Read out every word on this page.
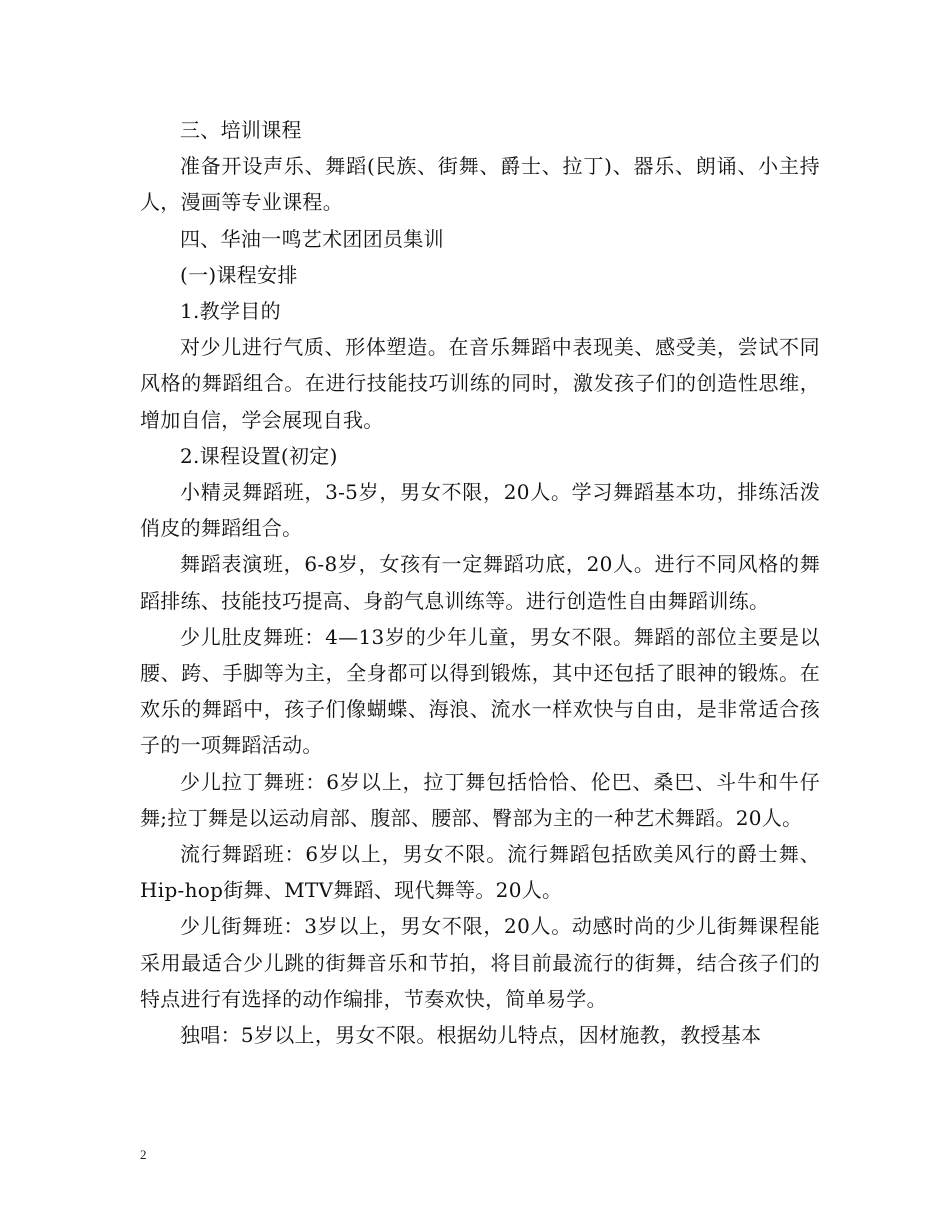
三、培训课程

准备开设声乐、舞蹈(民族、街舞、爵士、拉丁)、器乐、朗诵、小主持人，漫画等专业课程。

四、华油一鸣艺术团团员集训

(一)课程安排

1.教学目的

对少儿进行气质、形体塑造。在音乐舞蹈中表现美、感受美，尝试不同风格的舞蹈组合。在进行技能技巧训练的同时，激发孩子们的创造性思维，增加自信，学会展现自我。

2.课程设置(初定)

小精灵舞蹈班，3-5岁，男女不限，20人。学习舞蹈基本功，排练活泼俏皮的舞蹈组合。

舞蹈表演班，6-8岁，女孩有一定舞蹈功底，20人。进行不同风格的舞蹈排练、技能技巧提高、身韵气息训练等。进行创造性自由舞蹈训练。

少儿肚皮舞班：4—13岁的少年儿童，男女不限。舞蹈的部位主要是以腰、跨、手脚等为主，全身都可以得到锻炼，其中还包括了眼神的锻炼。在欢乐的舞蹈中，孩子们像蝴蝶、海浪、流水一样欢快与自由，是非常适合孩子的一项舞蹈活动。

少儿拉丁舞班：6岁以上，拉丁舞包括恰恰、伦巴、桑巴、斗牛和牛仔舞;拉丁舞是以运动肩部、腹部、腰部、臀部为主的一种艺术舞蹈。20人。

流行舞蹈班：6岁以上，男女不限。流行舞蹈包括欧美风行的爵士舞、Hip-hop街舞、MTV舞蹈、现代舞等。20人。

少儿街舞班：3岁以上，男女不限，20人。动感时尚的少儿街舞课程能采用最适合少儿跳的街舞音乐和节拍，将目前最流行的街舞，结合孩子们的特点进行有选择的动作编排，节奏欢快，简单易学。

独唱：5岁以上，男女不限。根据幼儿特点，因材施教，教授基本

2
